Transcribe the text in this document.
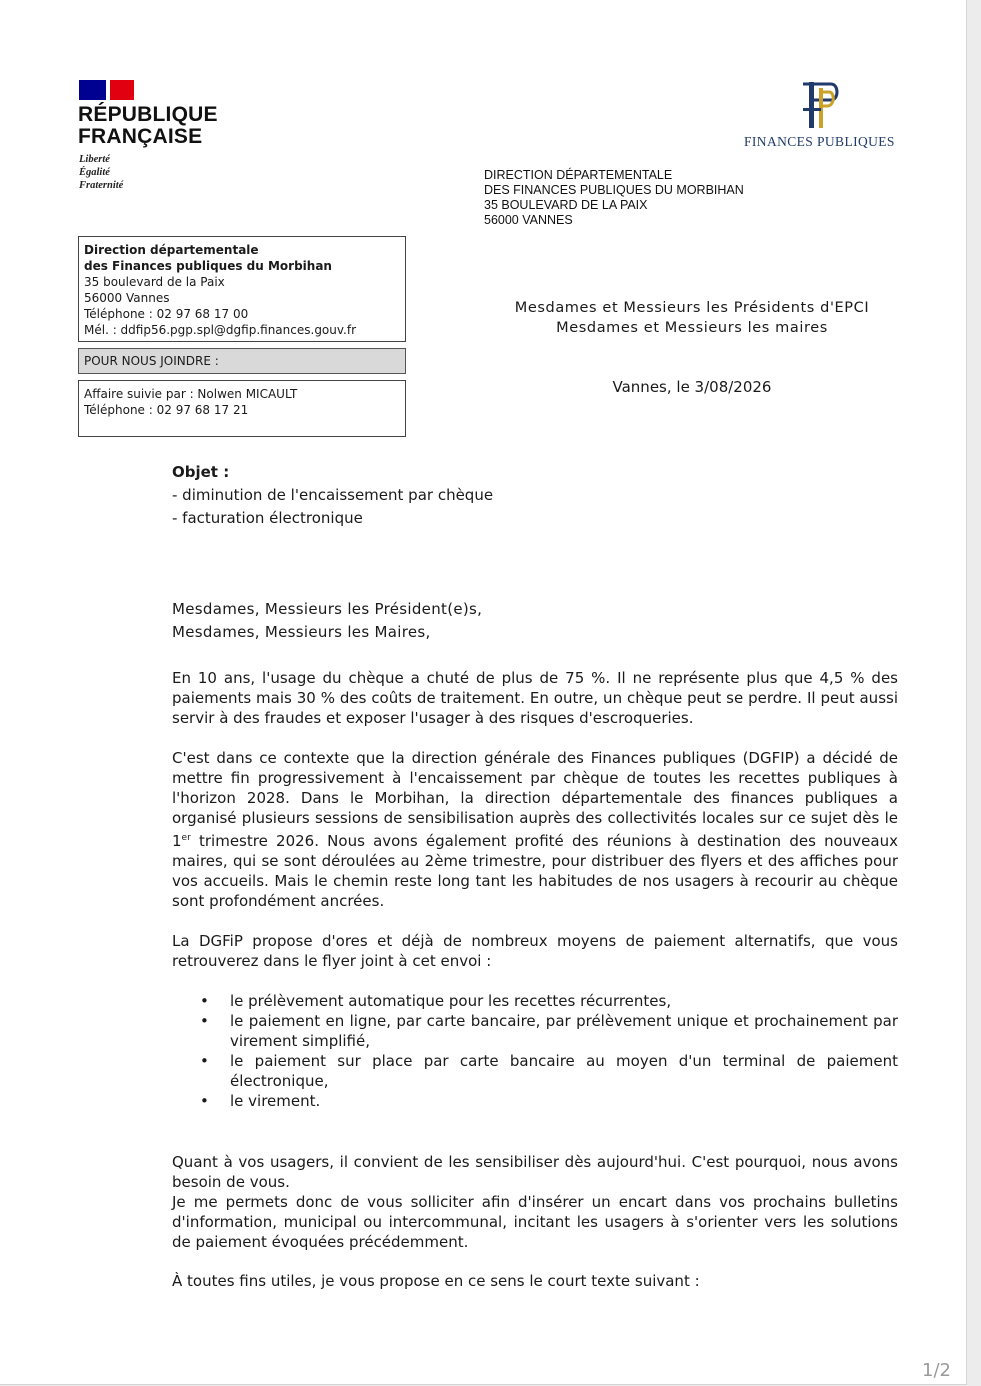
RÉPUBLIQUE
FRANÇAISE
Liberté
Égalité
Fraternité
FINANCES PUBLIQUES
DIRECTION DÉPARTEMENTALE
DES FINANCES PUBLIQUES DU MORBIHAN
35 BOULEVARD DE LA PAIX
56000 VANNES
Direction départementale
des Finances publiques du Morbihan
35 boulevard de la Paix
56000 Vannes
Téléphone : 02 97 68 17 00
Mél. : ddfip56.pgp.spl@dgfip.finances.gouv.fr
POUR NOUS JOINDRE :
Affaire suivie par : Nolwen MICAULT
Téléphone : 02 97 68 17 21
Mesdames et Messieurs les Présidents d'EPCI
Mesdames et Messieurs les maires
Vannes, le 3/08/2026
Objet :
- diminution de l'encaissement par chèque
- facturation électronique
Mesdames, Messieurs les Président(e)s,
Mesdames, Messieurs les Maires,
En 10 ans, l'usage du chèque a chuté de plus de 75 %. Il ne représente plus que 4,5 % des paiements mais 30 % des coûts de traitement. En outre, un chèque peut se perdre. Il peut aussi servir à des fraudes et exposer l'usager à des risques d'escroqueries.
C'est dans ce contexte que la direction générale des Finances publiques (DGFIP) a décidé de mettre fin progressivement à l'encaissement par chèque de toutes les recettes publiques à l'horizon 2028. Dans le Morbihan, la direction départementale des finances publiques a organisé plusieurs sessions de sensibilisation auprès des collectivités locales sur ce sujet dès le 1er trimestre 2026. Nous avons également profité des réunions à destination des nouveaux maires, qui se sont déroulées au 2ème trimestre, pour distribuer des flyers et des affiches pour vos accueils. Mais le chemin reste long tant les habitudes de nos usagers à recourir au chèque sont profondément ancrées.
La DGFiP propose d'ores et déjà de nombreux moyens de paiement alternatifs, que vous retrouverez dans le flyer joint à cet envoi :
• le prélèvement automatique pour les recettes récurrentes,
• le paiement en ligne, par carte bancaire, par prélèvement unique et prochainement par virement simplifié,
• le paiement sur place par carte bancaire au moyen d'un terminal de paiement électronique,
• le virement.
Quant à vos usagers, il convient de les sensibiliser dès aujourd'hui. C'est pourquoi, nous avons besoin de vous.
Je me permets donc de vous solliciter afin d'insérer un encart dans vos prochains bulletins d'information, municipal ou intercommunal, incitant les usagers à s'orienter vers les solutions de paiement évoquées précédemment.
À toutes fins utiles, je vous propose en ce sens le court texte suivant :
1/2
